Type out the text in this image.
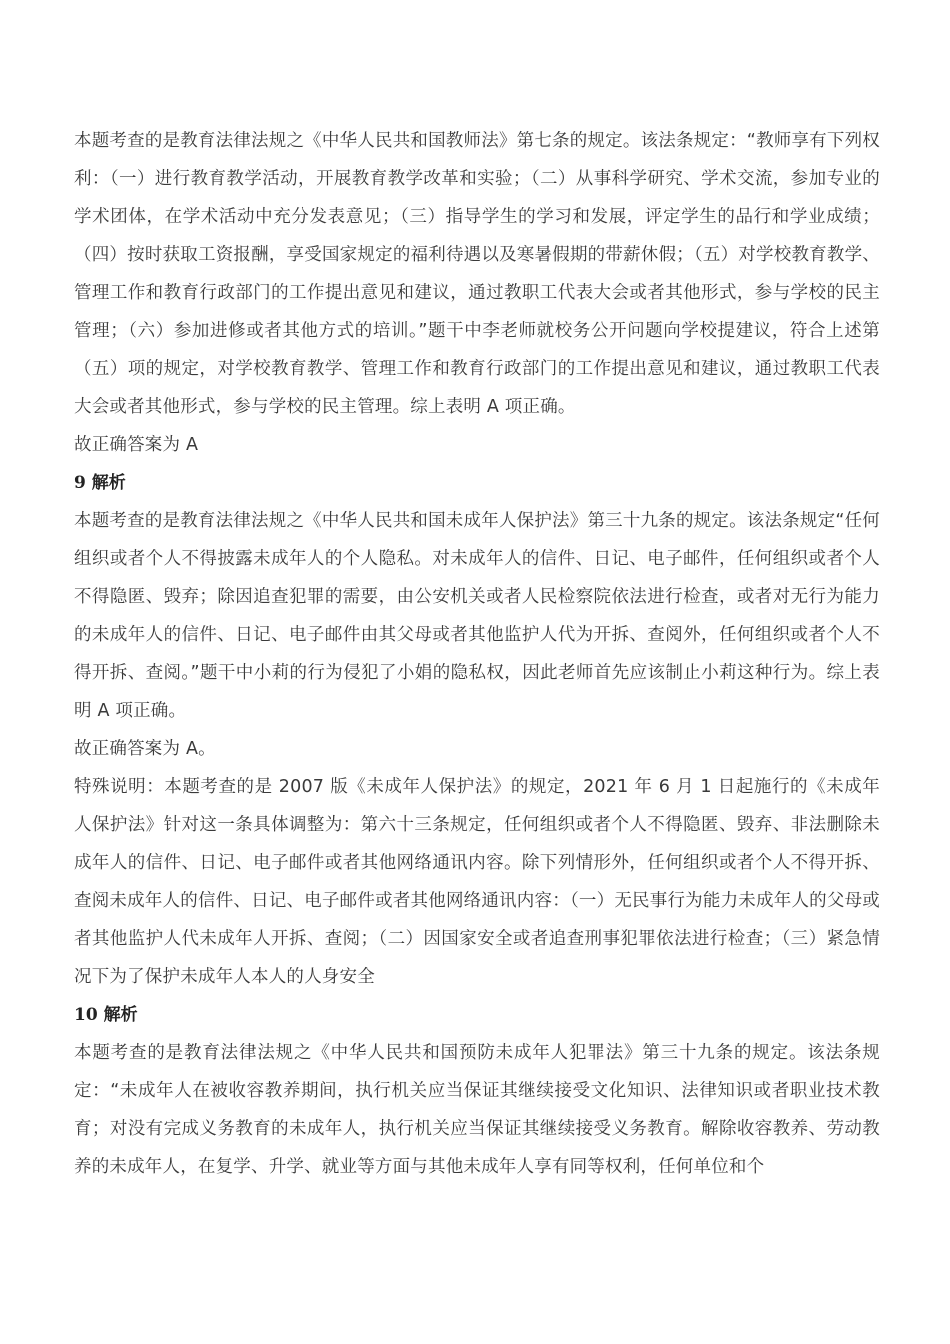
本题考查的是教育法律法规之《中华人民共和国教师法》第七条的规定。该法条规定：“教师享有下列权利：（一）进行教育教学活动，开展教育教学改革和实验；（二）从事科学研究、学术交流，参加专业的学术团体，在学术活动中充分发表意见；（三）指导学生的学习和发展，评定学生的品行和学业成绩；（四）按时获取工资报酬，享受国家规定的福利待遇以及寒暑假期的带薪休假；（五）对学校教育教学、管理工作和教育行政部门的工作提出意见和建议，通过教职工代表大会或者其他形式，参与学校的民主管理；（六）参加进修或者其他方式的培训。”题干中李老师就校务公开问题向学校提建议，符合上述第（五）项的规定，对学校教育教学、管理工作和教育行政部门的工作提出意见和建议，通过教职工代表大会或者其他形式，参与学校的民主管理。综上表明 A 项正确。

故正确答案为 A

9 解析

本题考查的是教育法律法规之《中华人民共和国未成年人保护法》第三十九条的规定。该法条规定“任何组织或者个人不得披露未成年人的个人隐私。对未成年人的信件、日记、电子邮件，任何组织或者个人不得隐匿、毁弃；除因追查犯罪的需要，由公安机关或者人民检察院依法进行检查，或者对无行为能力的未成年人的信件、日记、电子邮件由其父母或者其他监护人代为开拆、查阅外，任何组织或者个人不得开拆、查阅。”题干中小莉的行为侵犯了小娟的隐私权，因此老师首先应该制止小莉这种行为。综上表明 A 项正确。

故正确答案为 A。

特殊说明：本题考查的是 2007 版《未成年人保护法》的规定，2021 年 6 月 1 日起施行的《未成年人保护法》针对这一条具体调整为：第六十三条规定，任何组织或者个人不得隐匿、毁弃、非法删除未成年人的信件、日记、电子邮件或者其他网络通讯内容。除下列情形外，任何组织或者个人不得开拆、查阅未成年人的信件、日记、电子邮件或者其他网络通讯内容：（一）无民事行为能力未成年人的父母或者其他监护人代未成年人开拆、查阅；（二）因国家安全或者追查刑事犯罪依法进行检查；（三）紧急情况下为了保护未成年人本人的人身安全

10 解析

本题考查的是教育法律法规之《中华人民共和国预防未成年人犯罪法》第三十九条的规定。该法条规定：“未成年人在被收容教养期间，执行机关应当保证其继续接受文化知识、法律知识或者职业技术教育；对没有完成义务教育的未成年人，执行机关应当保证其继续接受义务教育。解除收容教养、劳动教养的未成年人，在复学、升学、就业等方面与其他未成年人享有同等权利，任何单位和个
